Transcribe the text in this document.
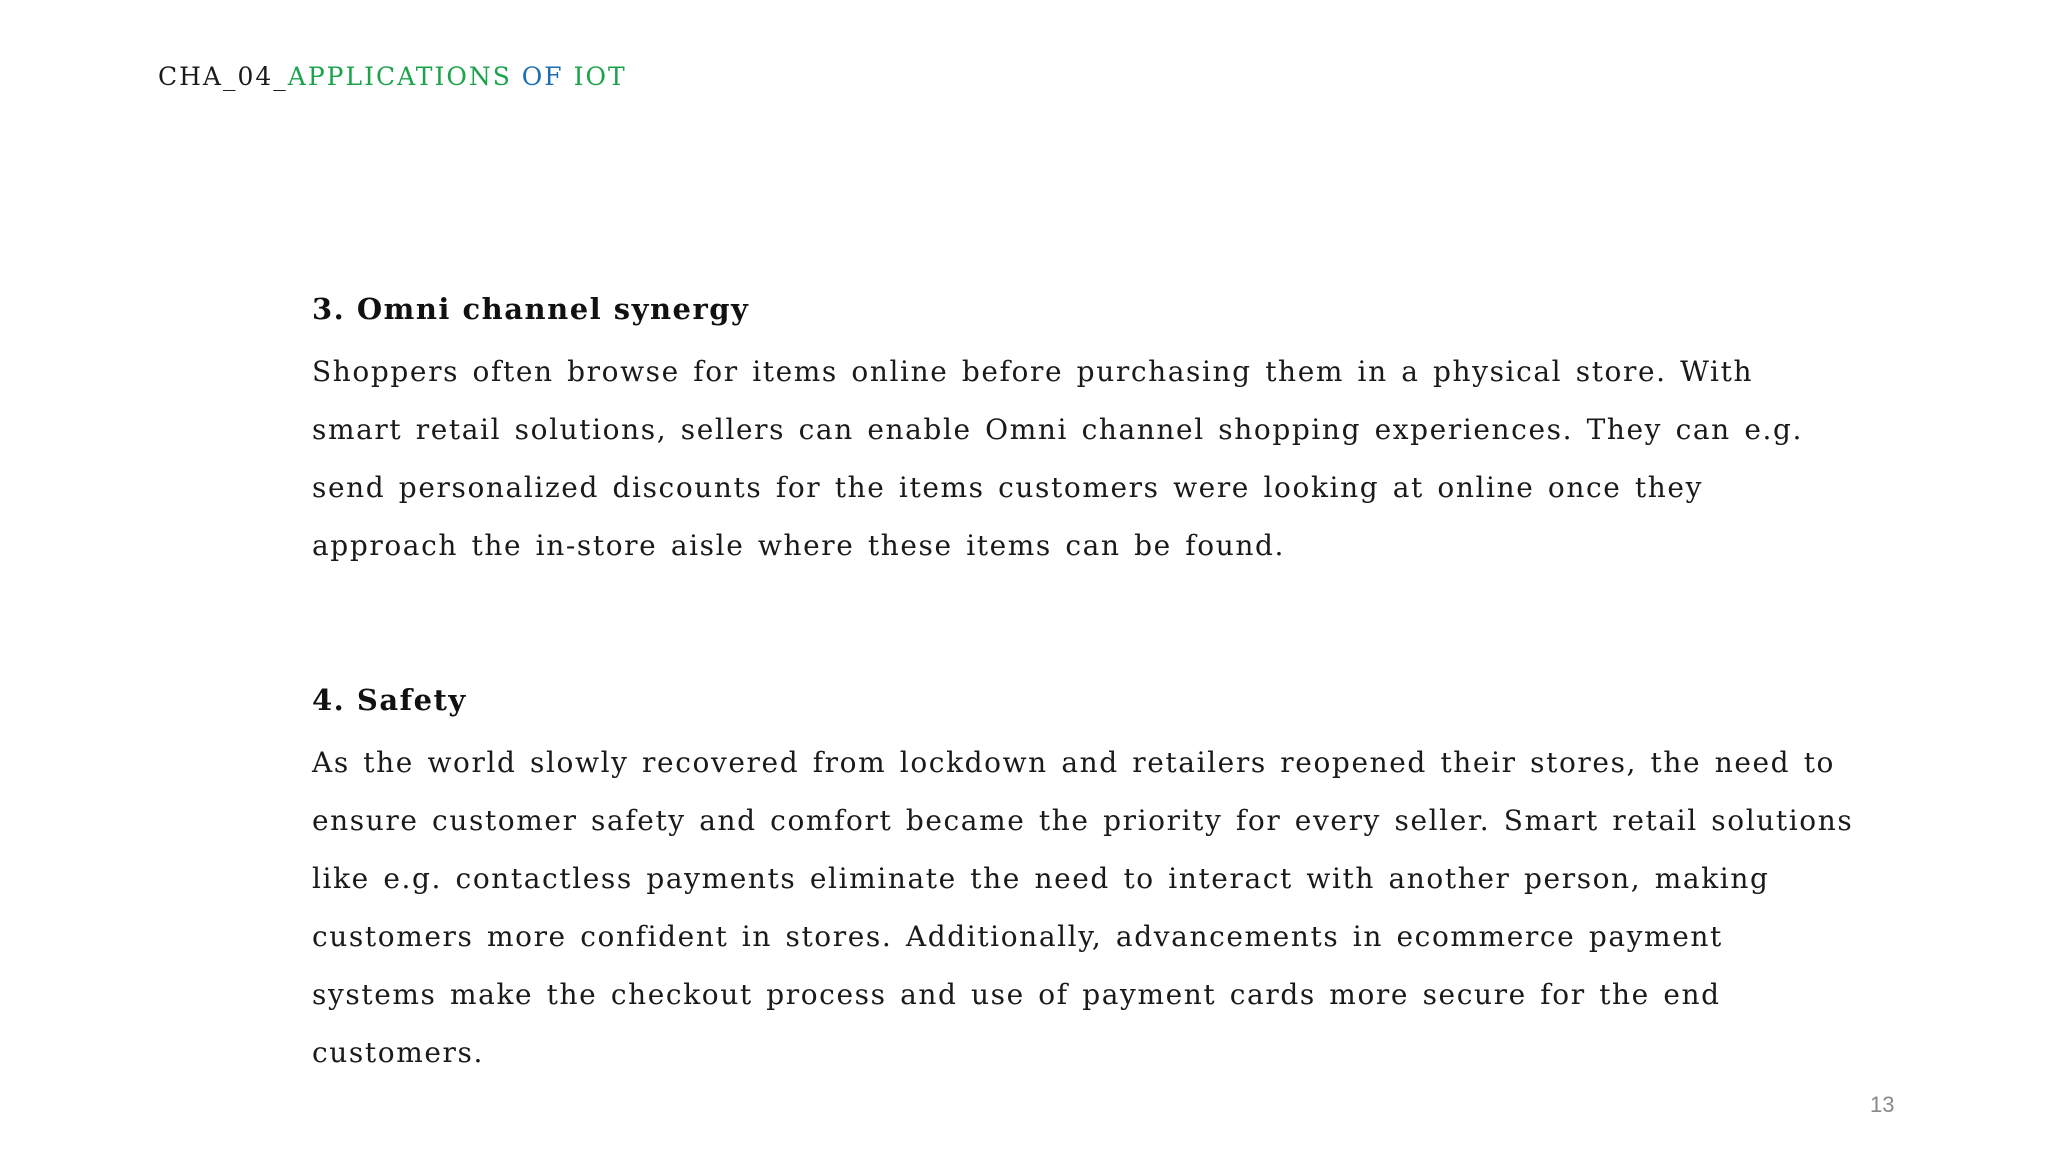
CHA_04_APPLICATIONS OF IOT
3. Omni channel synergy
Shoppers often browse for items online before purchasing them in a physical store. With
smart retail solutions, sellers can enable Omni channel shopping experiences. They can e.g.
send personalized discounts for the items customers were looking at online once they
approach the in-store aisle where these items can be found.
4. Safety
As the world slowly recovered from lockdown and retailers reopened their stores, the need to
ensure customer safety and comfort became the priority for every seller. Smart retail solutions
like e.g. contactless payments eliminate the need to interact with another person, making
customers more confident in stores. Additionally, advancements in ecommerce payment
systems make the checkout process and use of payment cards more secure for the end
customers.
13
